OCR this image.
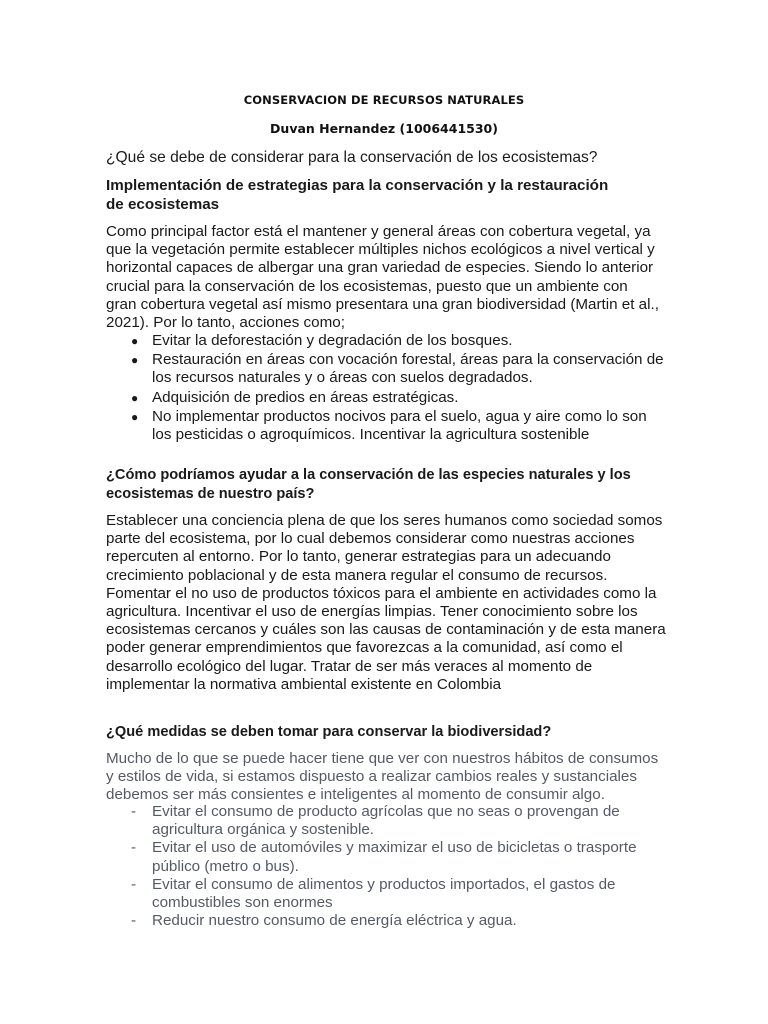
CONSERVACION DE RECURSOS NATURALES
Duvan Hernandez (1006441530)
¿Qué se debe de considerar para la conservación de los ecosistemas?
Implementación de estrategias para la conservación y la restauración
de ecosistemas
Como principal factor está el mantener y general áreas con cobertura vegetal, ya que la vegetación permite establecer múltiples nichos ecológicos a nivel vertical y horizontal capaces de albergar una gran variedad de especies. Siendo lo anterior crucial para la conservación de los ecosistemas, puesto que un ambiente con gran cobertura vegetal así mismo presentara una gran biodiversidad (Martin et al., 2021). Por lo tanto, acciones como;
● Evitar la deforestación y degradación de los bosques.
● Restauración en áreas con vocación forestal, áreas para la conservación de los recursos naturales y o áreas con suelos degradados.
● Adquisición de predios en áreas estratégicas.
● No implementar productos nocivos para el suelo, agua y aire como lo son los pesticidas o agroquímicos. Incentivar la agricultura sostenible
¿Cómo podríamos ayudar a la conservación de las especies naturales y los ecosistemas de nuestro país?
Establecer una conciencia plena de que los seres humanos como sociedad somos parte del ecosistema, por lo cual debemos considerar como nuestras acciones repercuten al entorno. Por lo tanto, generar estrategias para un adecuando crecimiento poblacional y de esta manera regular el consumo de recursos. Fomentar el no uso de productos tóxicos para el ambiente en actividades como la agricultura. Incentivar el uso de energías limpias. Tener conocimiento sobre los ecosistemas cercanos y cuáles son las causas de contaminación y de esta manera poder generar emprendimientos que favorezcas a la comunidad, así como el desarrollo ecológico del lugar. Tratar de ser más veraces al momento de implementar la normativa ambiental existente en Colombia
¿Qué medidas se deben tomar para conservar la biodiversidad?
Mucho de lo que se puede hacer tiene que ver con nuestros hábitos de consumos y estilos de vida, si estamos dispuesto a realizar cambios reales y sustanciales debemos ser más consientes e inteligentes al momento de consumir algo.
- Evitar el consumo de producto agrícolas que no seas o provengan de agricultura orgánica y sostenible.
- Evitar el uso de automóviles y maximizar el uso de bicicletas o trasporte público (metro o bus).
- Evitar el consumo de alimentos y productos importados, el gastos de combustibles son enormes
- Reducir nuestro consumo de energía eléctrica y agua.
